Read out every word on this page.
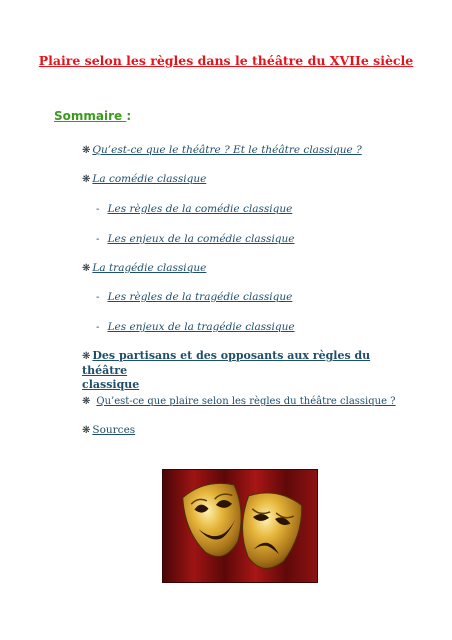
Plaire selon les règles dans le théâtre du XVIIe siècle
Sommaire :
❋ Qu’est-ce que le théâtre ? Et le théâtre classique ?
❋ La comédie classique
- Les règles de la comédie classique
- Les enjeux de la comédie classique
❋ La tragédie classique
- Les règles de la tragédie classique
- Les enjeux de la tragédie classique
❋ Des partisans et des opposants aux règles du théâtre
classique
❋ Qu’est-ce que plaire selon les règles du théâtre classique ?
❋ Sources
